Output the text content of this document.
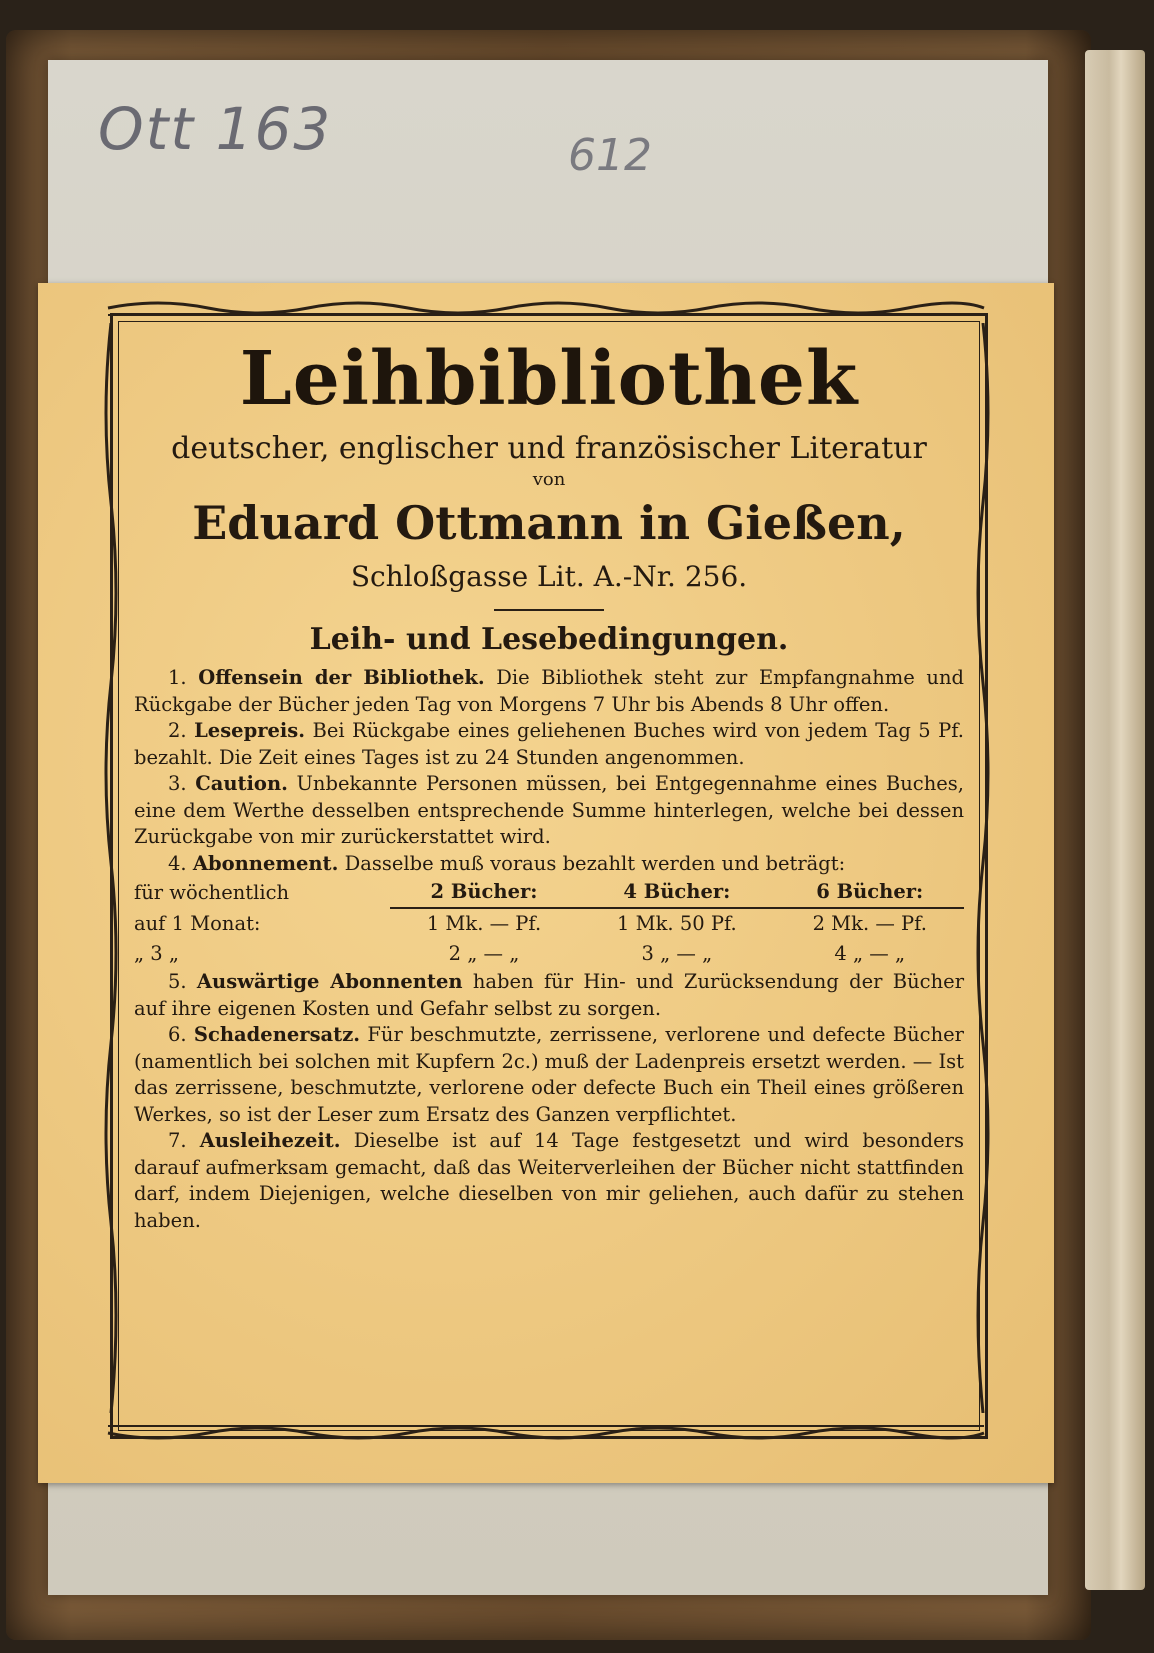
Ott 163	612
Leihbibliothek

deutscher, englischer und französischer Literatur

von

Eduard Ottmann in Gießen,

Schloßgasse Lit. A.-Nr. 256.

Leih- und Lesebedingungen.

1. Offensein der Bibliothek. Die Bibliothek steht zur Empfangnahme und Rückgabe der Bücher jeden Tag von Morgens 7 Uhr bis Abends 8 Uhr offen.

2. Lesepreis. Bei Rückgabe eines geliehenen Buches wird von jedem Tag 5 Pf. bezahlt. Die Zeit eines Tages ist zu 24 Stunden angenommen.

3. Caution. Unbekannte Personen müssen, bei Entgegennahme eines Buches, eine dem Werthe desselben entsprechende Summe hinterlegen, welche bei dessen Zurückgabe von mir zurückerstattet wird.

4. Abonnement. Dasselbe muß voraus bezahlt werden und beträgt:

für wöchentlich	2 Bücher:	4 Bücher:	6 Bücher:
auf 1 Monat:	1 Mk. — Pf.	1 Mk. 50 Pf.	2 Mk. — Pf.
„ 3 „	2 „ — „	3 „ — „	4 „ — „

5. Auswärtige Abonnenten haben für Hin- und Zurücksendung der Bücher auf ihre eigenen Kosten und Gefahr selbst zu sorgen.

6. Schadenersatz. Für beschmutzte, zerrissene, verlorene und defecte Bücher (namentlich bei solchen mit Kupfern 2c.) muß der Ladenpreis ersetzt werden. — Ist das zerrissene, beschmutzte, verlorene oder defecte Buch ein Theil eines größeren Werkes, so ist der Leser zum Ersatz des Ganzen verpflichtet.

7. Ausleihezeit. Dieselbe ist auf 14 Tage festgesetzt und wird besonders darauf aufmerksam gemacht, daß das Weiterverleihen der Bücher nicht stattfinden darf, indem Diejenigen, welche dieselben von mir geliehen, auch dafür zu stehen haben.
